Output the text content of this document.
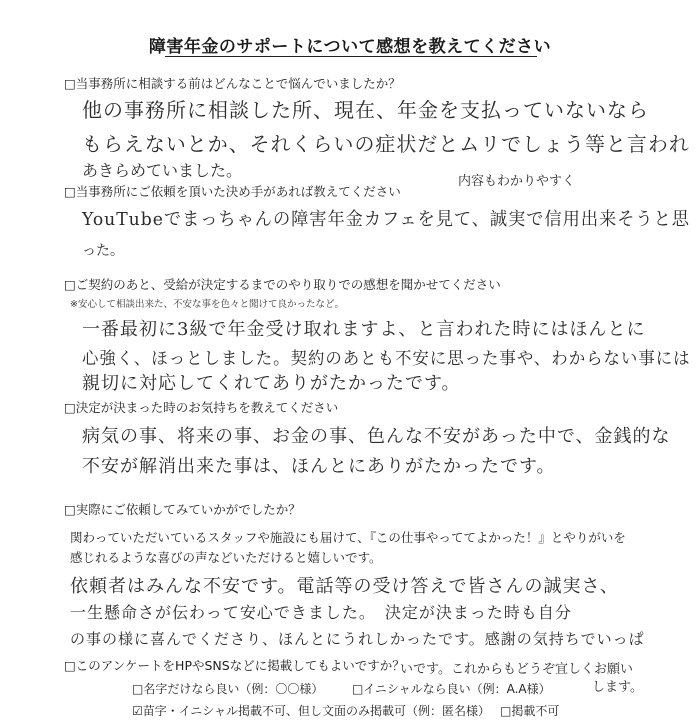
障害年金のサポートについて感想を教えてください
□当事務所に相談する前はどんなことで悩んでいましたか？
他の事務所に相談した所、現在、年金を支払っていないなら
もらえないとか、それくらいの症状だとムリでしょう等と言われ
あきらめていました。
□当事務所にご依頼を頂いた決め手があれば教えてください
内容もわかりやすく
YouTubeでまっちゃんの障害年金カフェを見て、誠実で信用出来そうと思
った。
□ご契約のあと、受給が決定するまでのやり取りでの感想を聞かせてください
※安心して相談出来た、不安な事を色々と聞けて良かったなど。
一番最初に3級で年金受け取れますよ、と言われた時にはほんとに
心強く、ほっとしました。契約のあとも不安に思った事や、わからない事には
親切に対応してくれてありがたかったです。
□決定が決まった時のお気持ちを教えてください
病気の事、将来の事、お金の事、色んな不安があった中で、金銭的な
不安が解消出来た事は、ほんとにありがたかったです。
□実際にご依頼してみていかがでしたか？
関わっていただいているスタッフや施設にも届けて、『この仕事やっててよかった！』とやりがいを
感じれるような喜びの声などいただけると嬉しいです。
依頼者はみんな不安です。電話等の受け答えで皆さんの誠実さ、
一生懸命さが伝わって安心できました。　決定が決まった時も自分
の事の様に喜んでくださり、ほんとにうれしかったです。感謝の気持ちでいっぱ
いです。これからもどうぞ宜しくお願い
します。
□このアンケートをHPやSNSなどに掲載してもよいですか？
□名字だけなら良い（例：〇〇様） □イニシャルなら良い（例：A.A様）
☑苗字・イニシャル掲載不可、但し文面のみ掲載可（例：匿名様） □掲載不可
